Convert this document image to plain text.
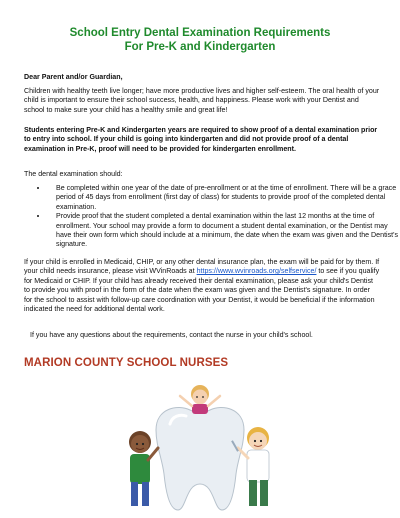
School Entry Dental Examination Requirements
For Pre-K and Kindergarten

Dear Parent and/or Guardian,

Children with healthy teeth live longer; have more productive lives and higher self-esteem. The oral health of your child is important to ensure their school success, health, and happiness. Please work with your Dentist and school to make sure your child has a healthy smile and great life!

Students entering Pre-K and Kindergarten years are required to show proof of a dental examination prior to entry into school. If your child is going into kindergarten and did not provide proof of a dental examination in Pre-K, proof will need to be provided for kindergarten enrollment.

The dental examination should:

• Be completed within one year of the date of pre-enrollment or at the time of enrollment. There will be a grace period of 45 days from enrollment (first day of class) for students to provide proof of the completed dental examination.
• Provide proof that the student completed a dental examination within the last 12 months at the time of enrollment. Your school may provide a form to document a student dental examination, or the Dentist may have their own form which should include at a minimum, the date when the exam was given and the Dentist's signature.

If your child is enrolled in Medicaid, CHIP, or any other dental insurance plan, the exam will be paid for by them. If your child needs insurance, please visit WVinRoads at https://www.wvinroads.org/selfservice/ to see if you qualify for Medicaid or CHIP. If your child has already received their dental examination, please ask your child's Dentist to provide you with proof in the form of the date when the exam was given and the Dentist's signature. In order for the school to assist with follow-up care coordination with your Dentist, it would be beneficial if the information indicated the need for additional dental work.

If you have any questions about the requirements, contact the nurse in your child's school.

MARION COUNTY SCHOOL NURSES
